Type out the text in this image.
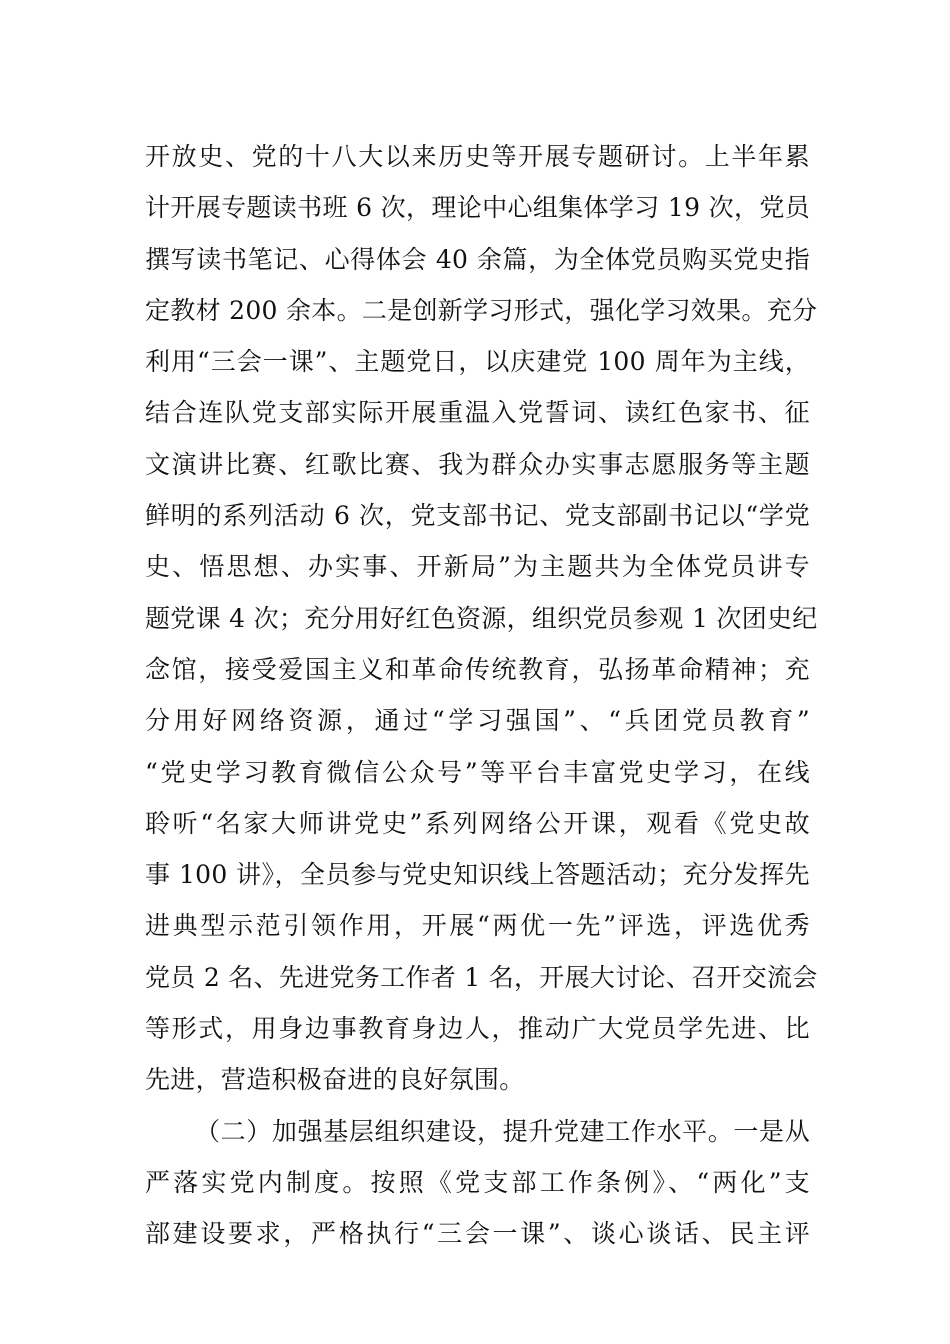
开放史、党的十八大以来历史等开展专题研讨。上半年累
计开展专题读书班 6 次，理论中心组集体学习 19 次，党员
撰写读书笔记、心得体会 40 余篇，为全体党员购买党史指
定教材 200 余本。二是创新学习形式，强化学习效果。充分
利用“三会一课”、主题党日，以庆建党 100 周年为主线，
结合连队党支部实际开展重温入党誓词、读红色家书、征
文演讲比赛、红歌比赛、我为群众办实事志愿服务等主题
鲜明的系列活动 6 次，党支部书记、党支部副书记以“学党
史、悟思想、办实事、开新局”为主题共为全体党员讲专
题党课 4 次；充分用好红色资源，组织党员参观 1 次团史纪
念馆，接受爱国主义和革命传统教育，弘扬革命精神；充
分用好网络资源，通过“学习强国”、“兵团党员教育”
“党史学习教育微信公众号”等平台丰富党史学习，在线
聆听“名家大师讲党史”系列网络公开课，观看《党史故
事 100 讲》，全员参与党史知识线上答题活动；充分发挥先
进典型示范引领作用，开展“两优一先”评选，评选优秀
党员 2 名、先进党务工作者 1 名，开展大讨论、召开交流会
等形式，用身边事教育身边人，推动广大党员学先进、比
先进，营造积极奋进的良好氛围。
（二）加强基层组织建设，提升党建工作水平。一是从
严落实党内制度。按照《党支部工作条例》、“两化”支
部建设要求，严格执行“三会一课”、谈心谈话、民主评
